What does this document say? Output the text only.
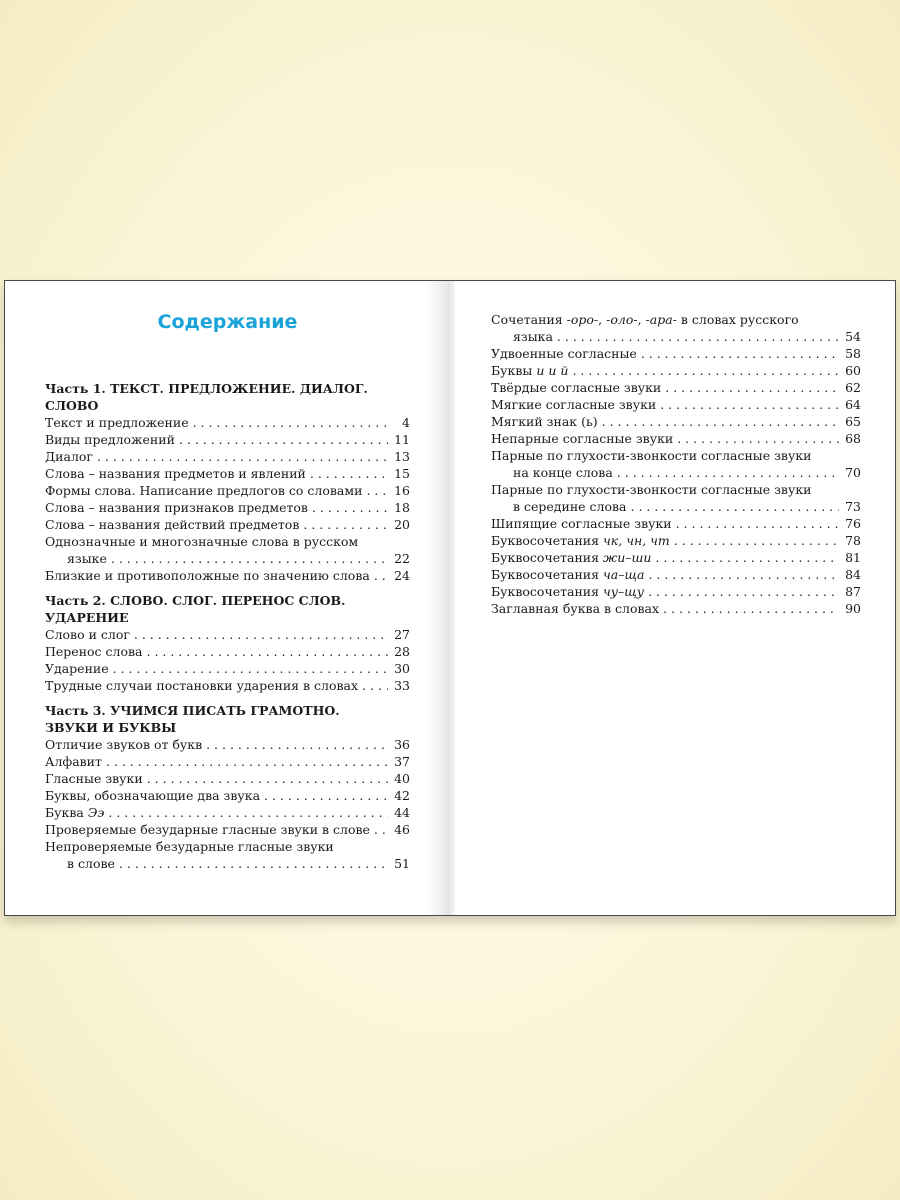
Содержание
Часть 1. ТЕКСТ. ПРЕДЛОЖЕНИЕ. ДИАЛОГ.
СЛОВО
Текст и предложение . . .	4
Виды предложений . . .	11
Диалог . . .	13
Слова – названия предметов и явлений . . .	15
Формы слова. Написание предлогов со словами . . .	16
Слова – названия признаков предметов . . .	18
Слова – названия действий предметов . . .	20
Однозначные и многозначные слова в русском
языке . . .	22
Близкие и противоположные по значению слова . . . 24
Часть 2. СЛОВО. СЛОГ. ПЕРЕНОС СЛОВ.
УДАРЕНИЕ
Слово и слог . . .	27
Перенос слова . . .	28
Ударение . . .	30
Трудные случаи постановки ударения в словах . . .	33
Часть 3. УЧИМСЯ ПИСАТЬ ГРАМОТНО.
ЗВУКИ И БУКВЫ
Отличие звуков от букв . . .	36
Алфавит . . .	37
Гласные звуки . . .	40
Буквы, обозначающие два звука . . .	42
Буква Ээ . . .	44
Проверяемые безударные гласные звуки в слове . . . 46
Непроверяемые безударные гласные звуки
в слове . . .	51
Сочетания -оро-, -оло-, -ара- в словах русского
языка . . .	54
Удвоенные согласные . . .	58
Буквы и и й . . .	60
Твёрдые согласные звуки . . .	62
Мягкие согласные звуки . . .	64
Мягкий знак (ь) . . .	65
Непарные согласные звуки . . .	68
Парные по глухости-звонкости согласные звуки
на конце слова . . .	70
Парные по глухости-звонкости согласные звуки
в середине слова . . .	73
Шипящие согласные звуки . . .	76
Буквосочетания чк, чн, чт . . .	78
Буквосочетания жи–ши . . .	81
Буквосочетания ча–ща . . .	84
Буквосочетания чу–щу . . .	87
Заглавная буква в словах . . .	90
